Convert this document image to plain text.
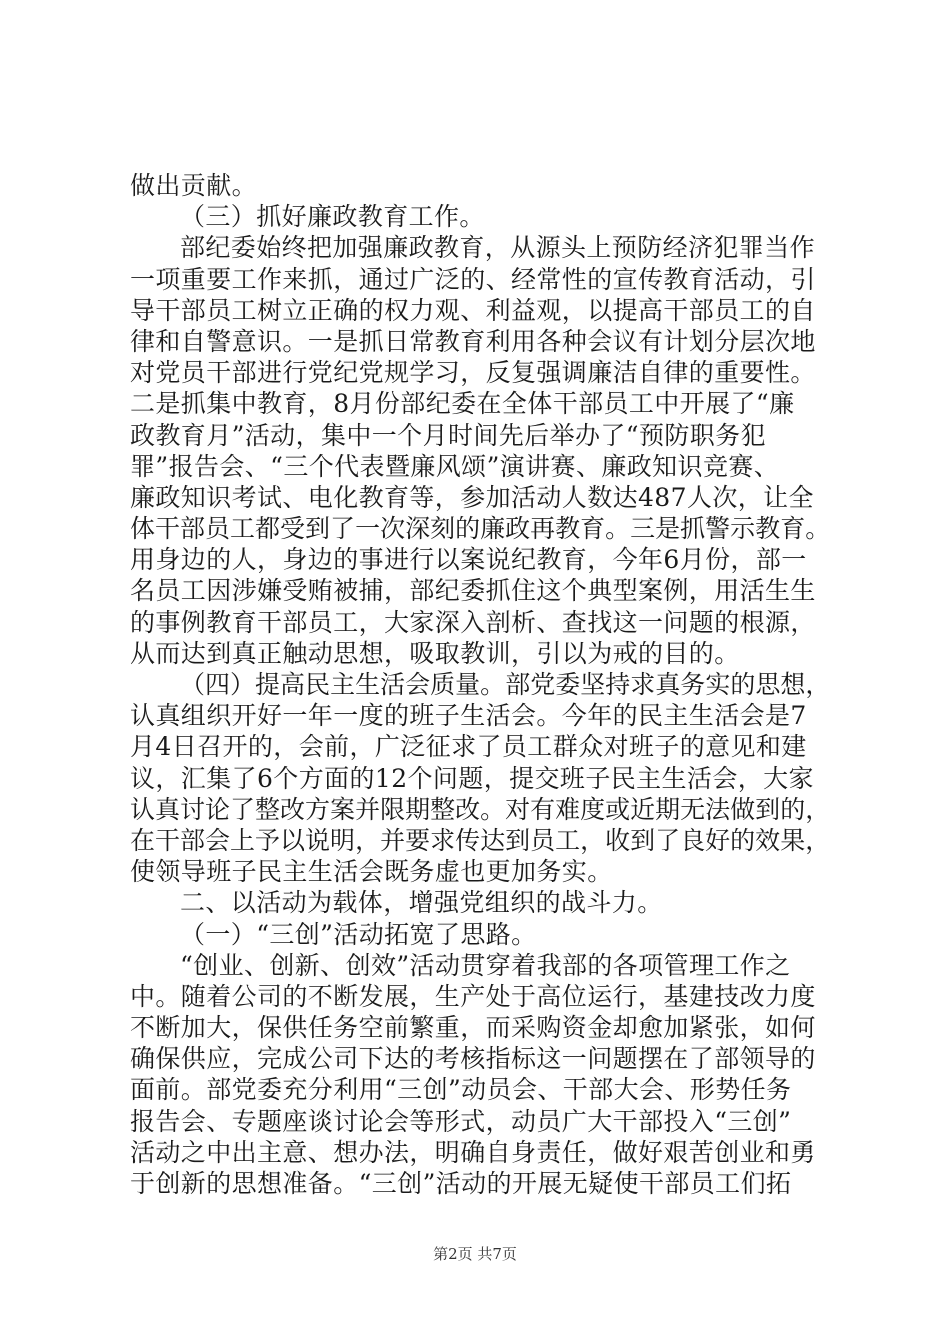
做出贡献。
（三）抓好廉政教育工作。
部纪委始终把加强廉政教育，从源头上预防经济犯罪当作
一项重要工作来抓，通过广泛的、经常性的宣传教育活动，引
导干部员工树立正确的权力观、利益观，以提高干部员工的自
律和自警意识。一是抓日常教育利用各种会议有计划分层次地
对党员干部进行党纪党规学习，反复强调廉洁自律的重要性。
二是抓集中教育，8月份部纪委在全体干部员工中开展了“廉
政教育月”活动，集中一个月时间先后举办了“预防职务犯
罪”报告会、“三个代表暨廉风颂”演讲赛、廉政知识竞赛、
廉政知识考试、电化教育等，参加活动人数达487人次，让全
体干部员工都受到了一次深刻的廉政再教育。三是抓警示教育。
用身边的人，身边的事进行以案说纪教育，今年6月份，部一
名员工因涉嫌受贿被捕，部纪委抓住这个典型案例，用活生生
的事例教育干部员工，大家深入剖析、查找这一问题的根源，
从而达到真正触动思想，吸取教训，引以为戒的目的。
（四）提高民主生活会质量。部党委坚持求真务实的思想，
认真组织开好一年一度的班子生活会。今年的民主生活会是7
月4日召开的，会前，广泛征求了员工群众对班子的意见和建
议，汇集了6个方面的12个问题，提交班子民主生活会，大家
认真讨论了整改方案并限期整改。对有难度或近期无法做到的，
在干部会上予以说明，并要求传达到员工，收到了良好的效果，
使领导班子民主生活会既务虚也更加务实。
二、以活动为载体，增强党组织的战斗力。
（一）“三创”活动拓宽了思路。
“创业、创新、创效”活动贯穿着我部的各项管理工作之
中。随着公司的不断发展，生产处于高位运行，基建技改力度
不断加大，保供任务空前繁重，而采购资金却愈加紧张，如何
确保供应，完成公司下达的考核指标这一问题摆在了部领导的
面前。部党委充分利用“三创”动员会、干部大会、形势任务
报告会、专题座谈讨论会等形式，动员广大干部投入“三创”
活动之中出主意、想办法，明确自身责任，做好艰苦创业和勇
于创新的思想准备。“三创”活动的开展无疑使干部员工们拓
第2页 共7页
